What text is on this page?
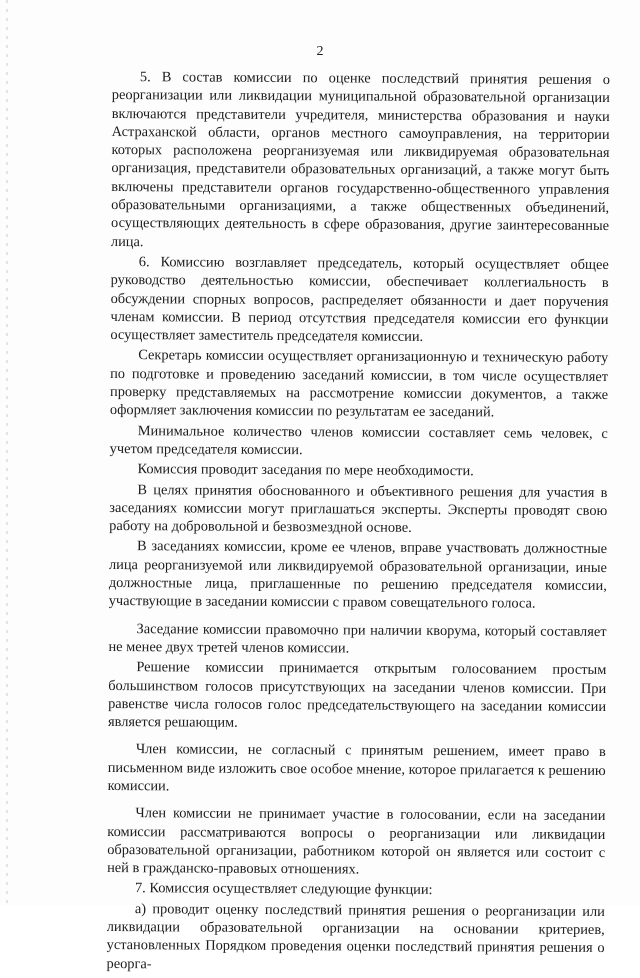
2

5. В состав комиссии по оценке последствий принятия решения о реорганизации или ликвидации муниципальной образовательной организации включаются представители учредителя, министерства образования и науки Астраханской области, органов местного самоуправления, на территории которых расположена реорганизуемая или ликвидируемая образовательная организация, представители образовательных организаций, а также могут быть включены представители органов государственно-общественного управления образовательными организациями, а также общественных объединений, осуществляющих деятельность в сфере образования, другие заинтересованные лица.

6. Комиссию возглавляет председатель, который осуществляет общее руководство деятельностью комиссии, обеспечивает коллегиальность в обсуждении спорных вопросов, распределяет обязанности и дает поручения членам комиссии. В период отсутствия председателя комиссии его функции осуществляет заместитель председателя комиссии.

Секретарь комиссии осуществляет организационную и техническую работу по подготовке и проведению заседаний комиссии, в том числе осуществляет проверку представляемых на рассмотрение комиссии документов, а также оформляет заключения комиссии по результатам ее заседаний.

Минимальное количество членов комиссии составляет семь человек, с учетом председателя комиссии.

Комиссия проводит заседания по мере необходимости.

В целях принятия обоснованного и объективного решения для участия в заседаниях комиссии могут приглашаться эксперты. Эксперты проводят свою работу на добровольной и безвозмездной основе.

В заседаниях комиссии, кроме ее членов, вправе участвовать должностные лица реорганизуемой или ликвидируемой образовательной организации, иные должностные лица, приглашенные по решению председателя комиссии, участвующие в заседании комиссии с правом совещательного голоса.

Заседание комиссии правомочно при наличии кворума, который составляет не менее двух третей членов комиссии.

Решение комиссии принимается открытым голосованием простым большинством голосов присутствующих на заседании членов комиссии. При равенстве числа голосов голос председательствующего на заседании комиссии является решающим.

Член комиссии, не согласный с принятым решением, имеет право в письменном виде изложить свое особое мнение, которое прилагается к решению комиссии.

Член комиссии не принимает участие в голосовании, если на заседании комиссии рассматриваются вопросы о реорганизации или ликвидации образовательной организации, работником которой он является или состоит с ней в гражданско-правовых отношениях.

7. Комиссия осуществляет следующие функции:

а) проводит оценку последствий принятия решения о реорганизации или ликвидации образовательной организации на основании критериев, установленных Порядком проведения оценки последствий принятия решения о реорга-
